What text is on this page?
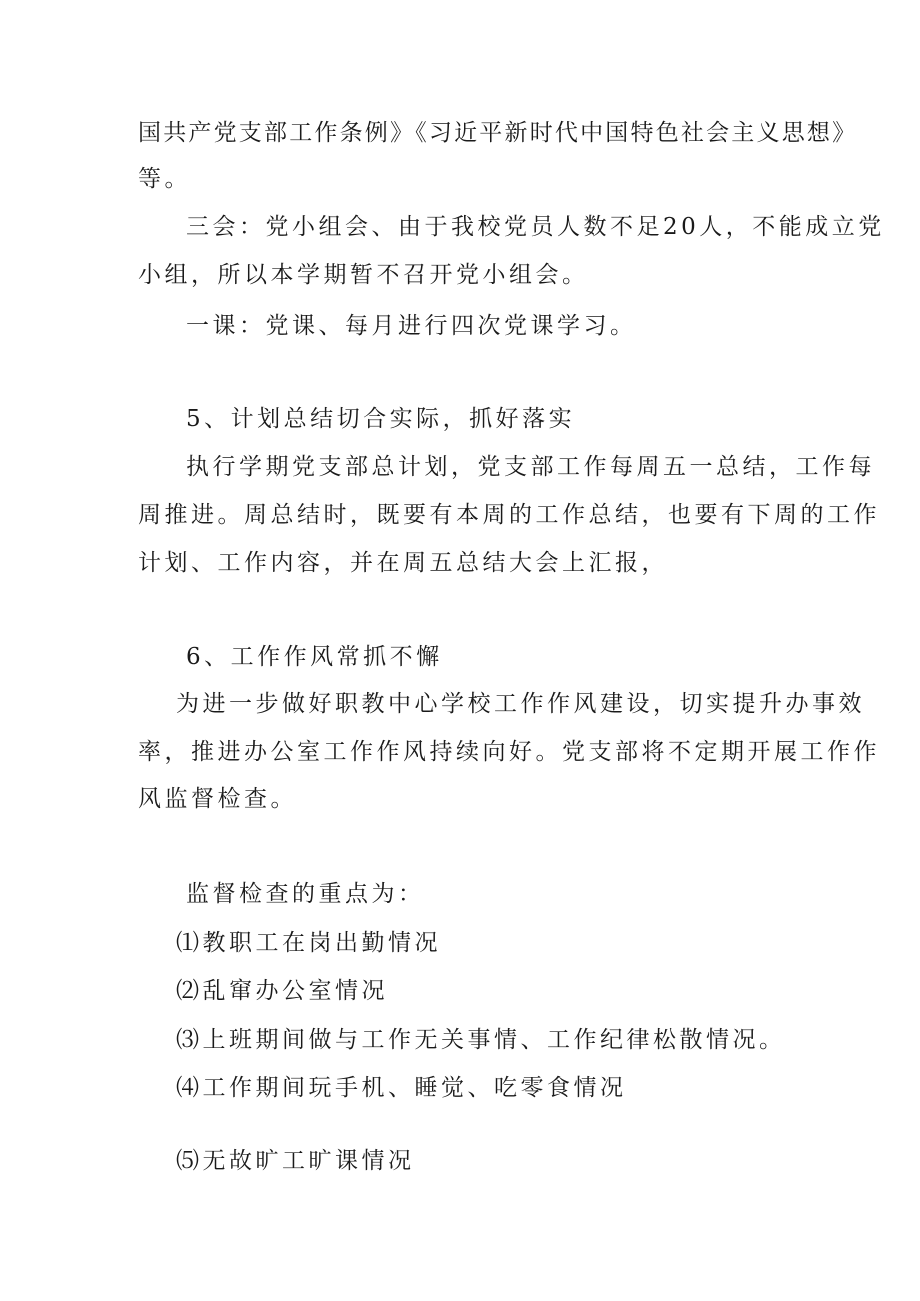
国共产党支部工作条例》《习近平新时代中国特色社会主义思想》
等。
三会：党小组会、由于我校党员人数不足20人，不能成立党
小组，所以本学期暂不召开党小组会。
一课：党课、每月进行四次党课学习。
5、计划总结切合实际，抓好落实
执行学期党支部总计划，党支部工作每周五一总结，工作每
周推进。周总结时，既要有本周的工作总结，也要有下周的工作
计划、工作内容，并在周五总结大会上汇报，
6、工作作风常抓不懈
为进一步做好职教中心学校工作作风建设，切实提升办事效
率，推进办公室工作作风持续向好。党支部将不定期开展工作作
风监督检查。
监督检查的重点为：
⑴教职工在岗出勤情况
⑵乱窜办公室情况
⑶上班期间做与工作无关事情、工作纪律松散情况。
⑷工作期间玩手机、睡觉、吃零食情况
⑸无故旷工旷课情况
